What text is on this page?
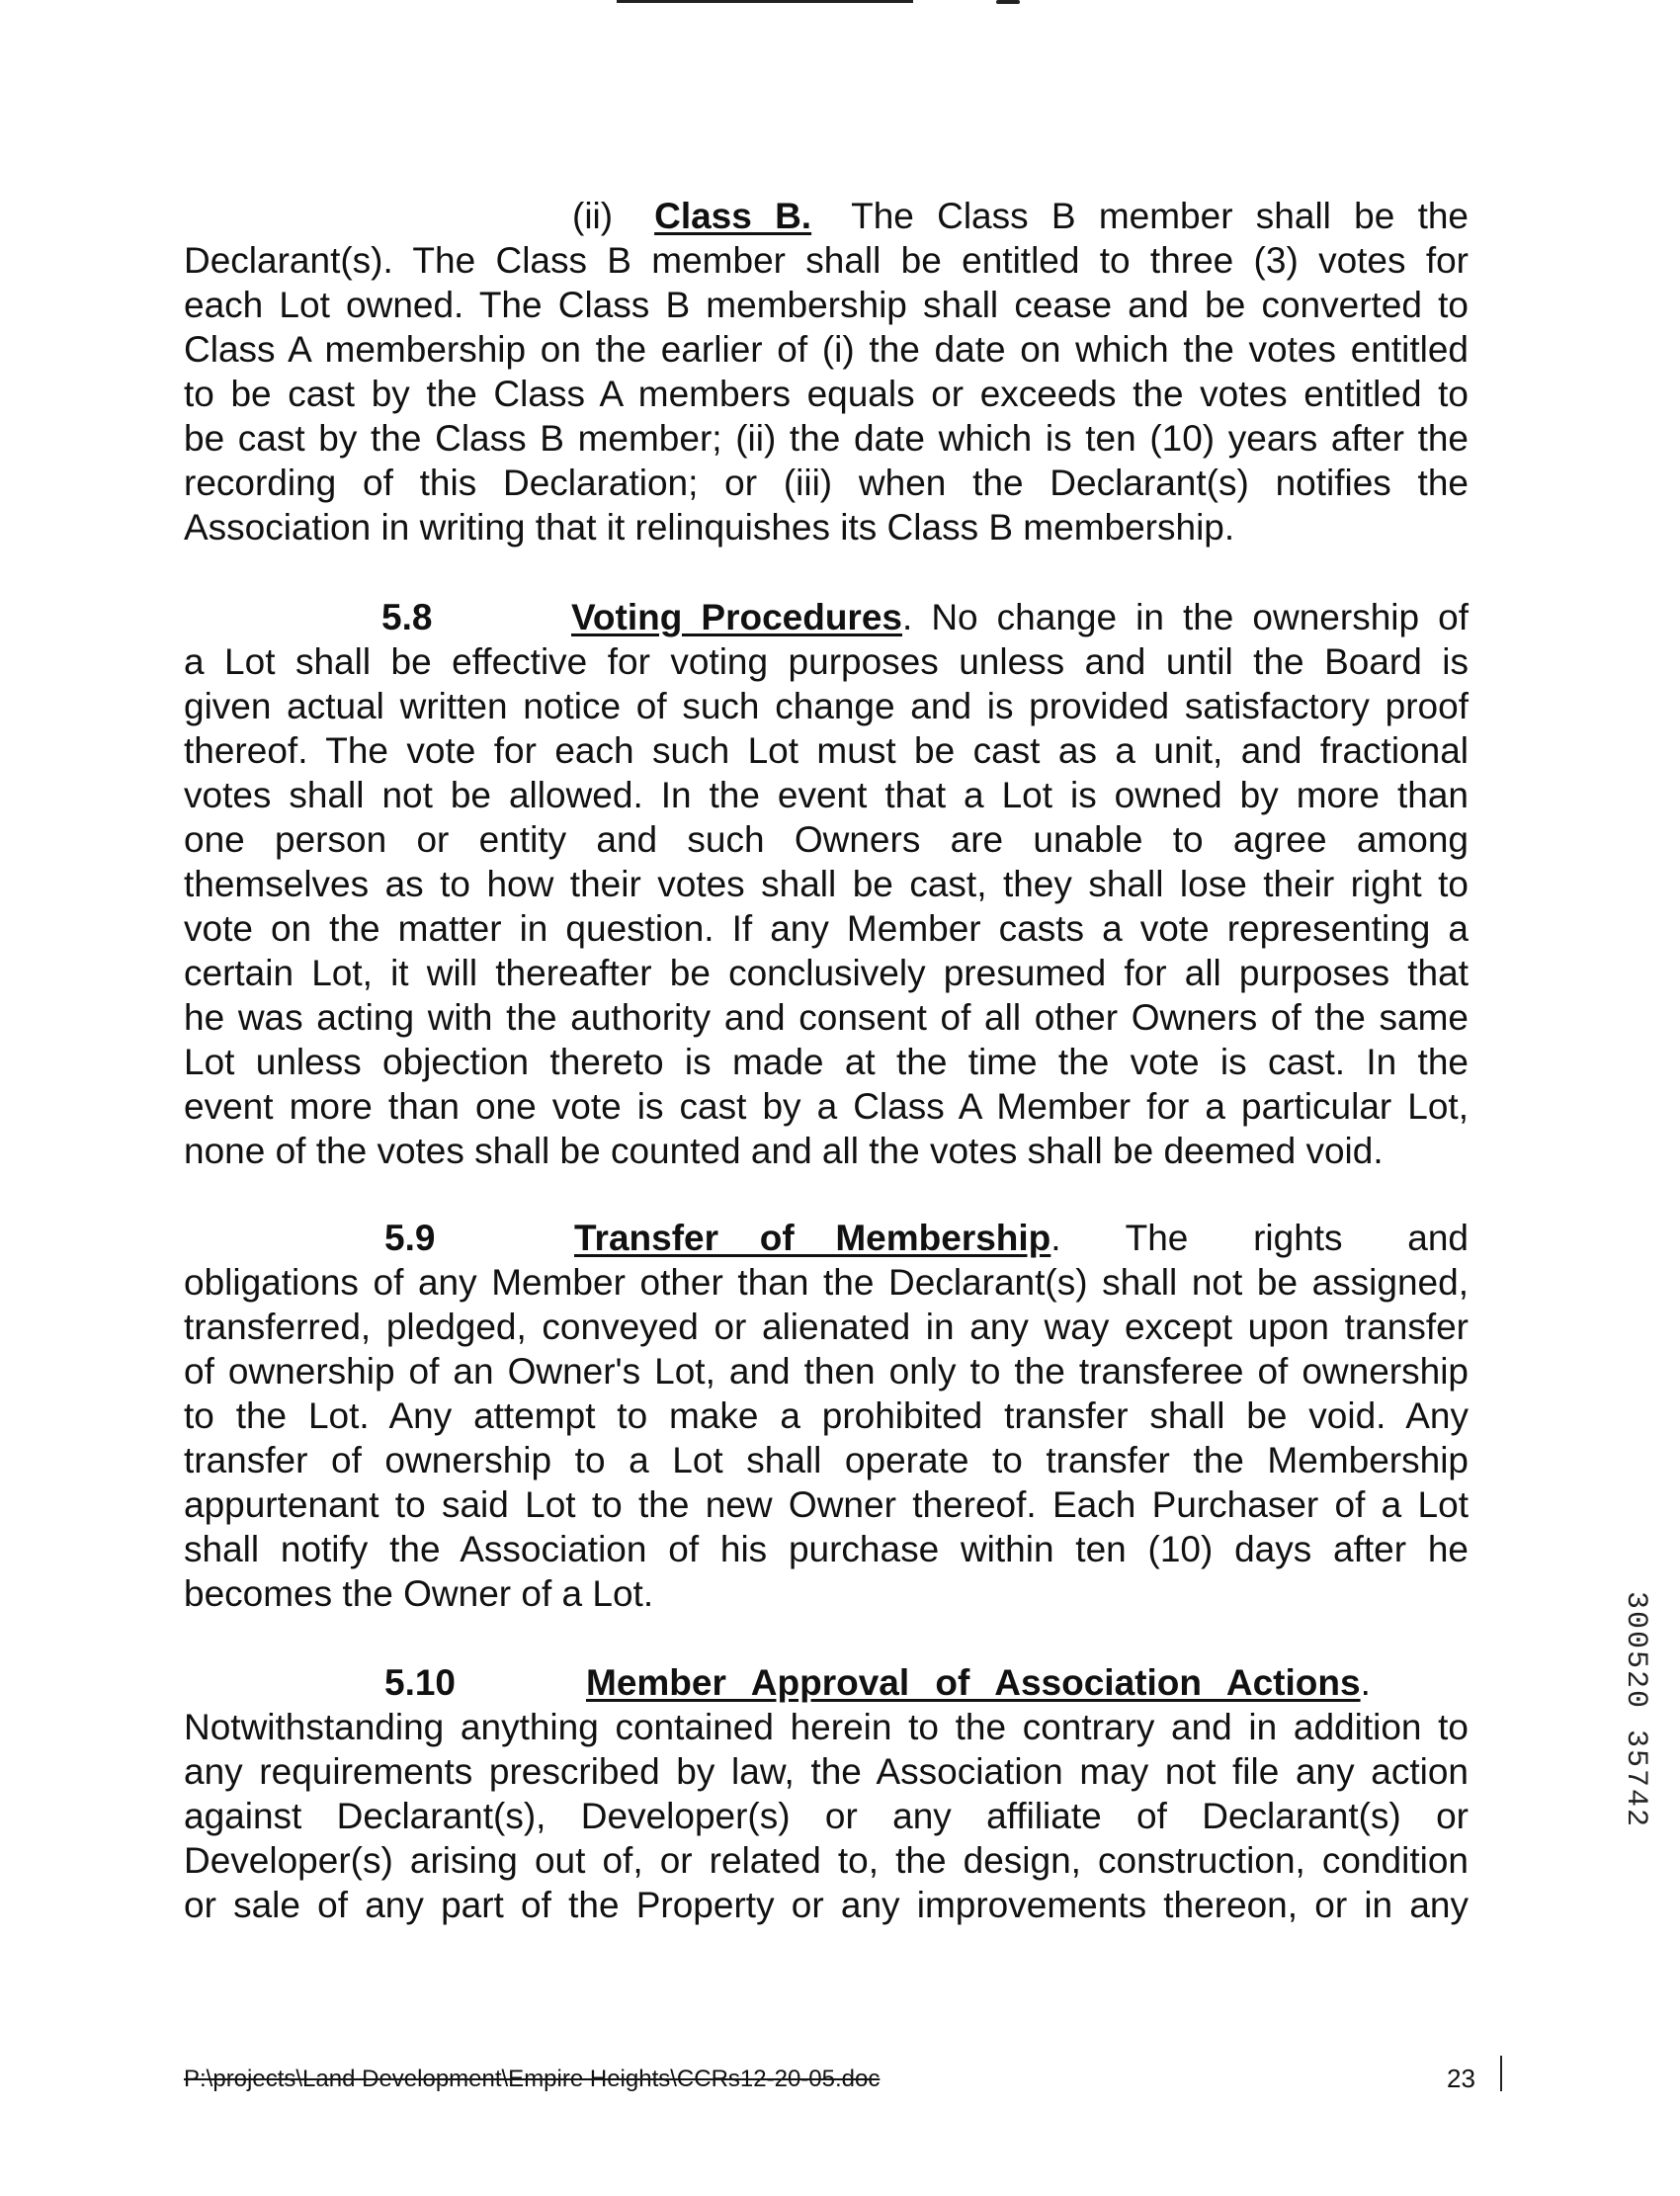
(ii) Class B. The Class B member shall be the
Declarant(s). The Class B member shall be entitled to three (3) votes for
each Lot owned. The Class B membership shall cease and be converted to
Class A membership on the earlier of (i) the date on which the votes entitled
to be cast by the Class A members equals or exceeds the votes entitled to
be cast by the Class B member; (ii) the date which is ten (10) years after the
recording of this Declaration; or (iii) when the Declarant(s) notifies the
Association in writing that it relinquishes its Class B membership.
5.8	Voting Procedures. No change in the ownership of
a Lot shall be effective for voting purposes unless and until the Board is
given actual written notice of such change and is provided satisfactory proof
thereof. The vote for each such Lot must be cast as a unit, and fractional
votes shall not be allowed. In the event that a Lot is owned by more than
one person or entity and such Owners are unable to agree among
themselves as to how their votes shall be cast, they shall lose their right to
vote on the matter in question. If any Member casts a vote representing a
certain Lot, it will thereafter be conclusively presumed for all purposes that
he was acting with the authority and consent of all other Owners of the same
Lot unless objection thereto is made at the time the vote is cast. In the
event more than one vote is cast by a Class A Member for a particular Lot,
none of the votes shall be counted and all the votes shall be deemed void.
5.9	Transfer of Membership. The rights and
obligations of any Member other than the Declarant(s) shall not be assigned,
transferred, pledged, conveyed or alienated in any way except upon transfer
of ownership of an Owner's Lot, and then only to the transferee of ownership
to the Lot. Any attempt to make a prohibited transfer shall be void. Any
transfer of ownership to a Lot shall operate to transfer the Membership
appurtenant to said Lot to the new Owner thereof. Each Purchaser of a Lot
shall notify the Association of his purchase within ten (10) days after he
becomes the Owner of a Lot.
5.10	Member Approval of Association Actions.
Notwithstanding anything contained herein to the contrary and in addition to
any requirements prescribed by law, the Association may not file any action
against Declarant(s), Developer(s) or any affiliate of Declarant(s) or
Developer(s) arising out of, or related to, the design, construction, condition
or sale of any part of the Property or any improvements thereon, or in any
300520 35742
P:\projects\Land Development\Empire Heights\CCRs12-20-05.doc	23
